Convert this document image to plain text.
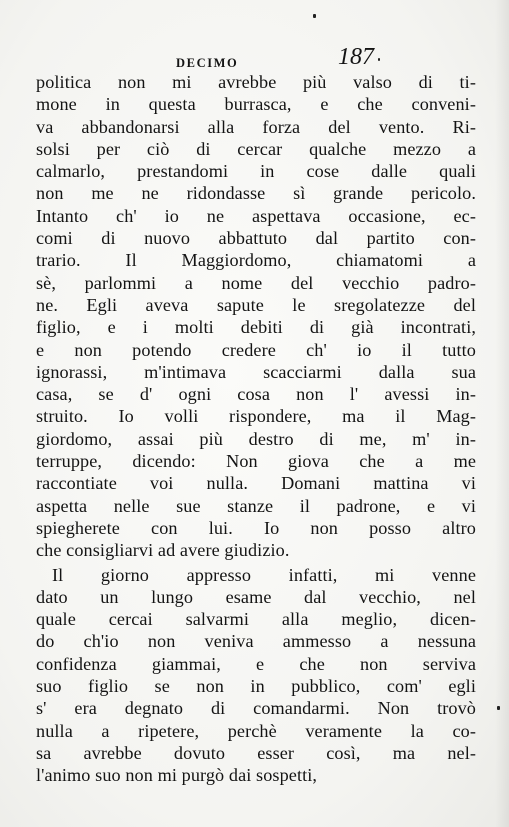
DECIMO	187
politica non mi avrebbe più valso di ti-
mone in questa burrasca, e che conveni-
va abbandonarsi alla forza del vento. Ri-
solsi per ciò di cercar qualche mezzo a
calmarlo, prestandomi in cose dalle quali
non me ne ridondasse sì grande pericolo.
Intanto ch' io ne aspettava occasione, ec-
comi di nuovo abbattuto dal partito con-
trario. Il Maggiordomo, chiamatomi a
sè, parlommi a nome del vecchio padro-
ne. Egli aveva sapute le sregolatezze del
figlio, e i molti debiti di già incontrati,
e non potendo credere ch' io il tutto
ignorassi, m'intimava scacciarmi dalla sua
casa, se d' ogni cosa non l' avessi in-
struito. Io volli rispondere, ma il Mag-
giordomo, assai più destro di me, m' in-
terruppe, dicendo: Non giova che a me
raccontiate voi nulla. Domani mattina vi
aspetta nelle sue stanze il padrone, e vi
spiegherete con lui. Io non posso altro
che consigliarvi ad avere giudizio.
Il giorno appresso infatti, mi venne
dato un lungo esame dal vecchio, nel
quale cercai salvarmi alla meglio, dicen-
do ch'io non veniva ammesso a nessuna
confidenza giammai, e che non serviva
suo figlio se non in pubblico, com' egli
s' era degnato di comandarmi. Non trovò
nulla a ripetere, perchè veramente la co-
sa avrebbe dovuto esser così, ma nel-
l'animo suo non mi purgò dai sospetti,
